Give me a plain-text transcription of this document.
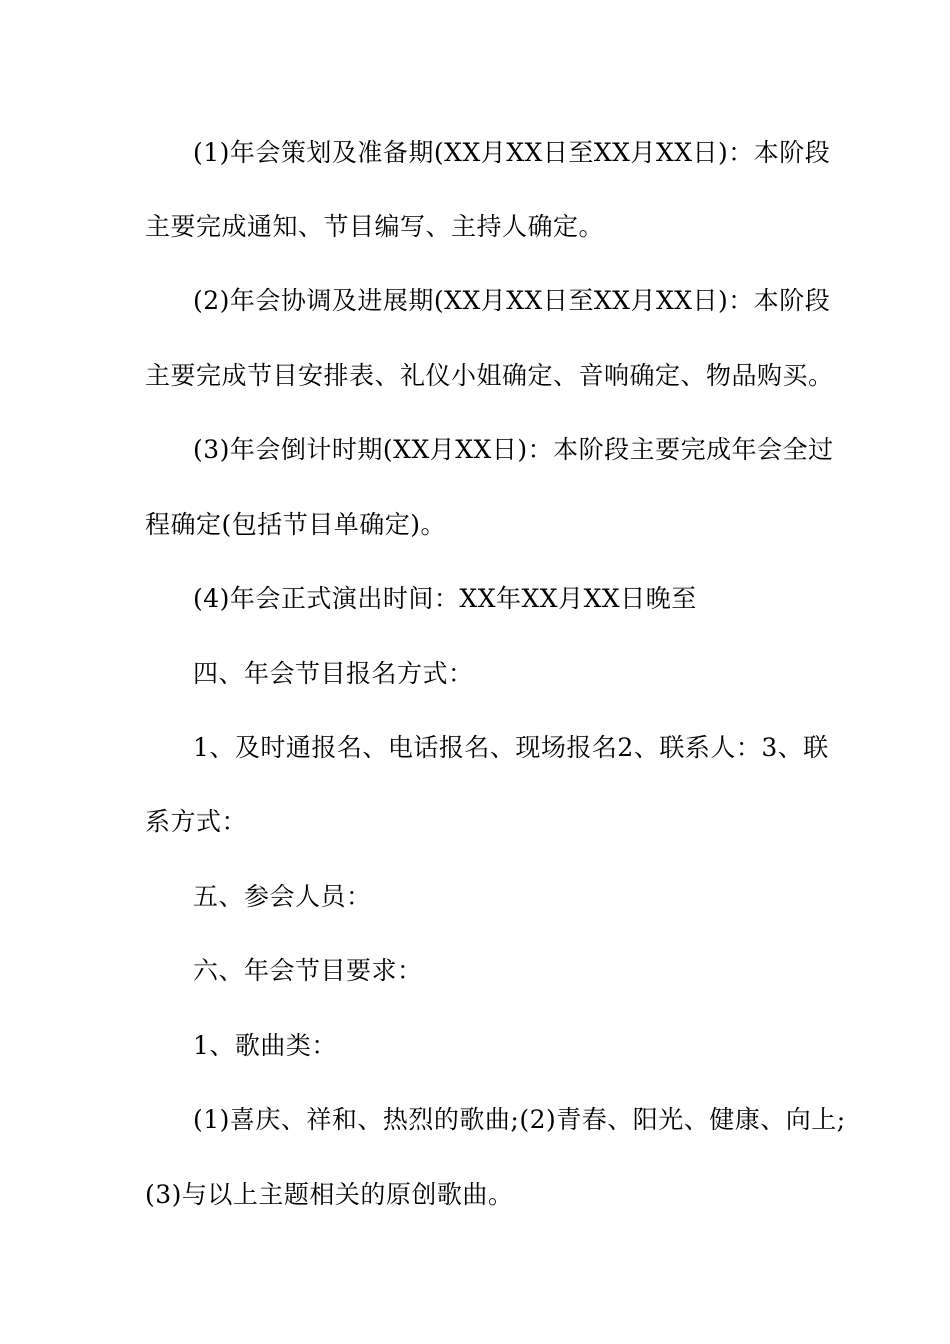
(1)年会策划及准备期(XX月XX日至XX月XX日)：本阶段
主要完成通知、节目编写、主持人确定。
(2)年会协调及进展期(XX月XX日至XX月XX日)：本阶段
主要完成节目安排表、礼仪小姐确定、音响确定、物品购买。
(3)年会倒计时期(XX月XX日)：本阶段主要完成年会全过
程确定(包括节目单确定)。
(4)年会正式演出时间：XX年XX月XX日晚至
四、年会节目报名方式：
1、及时通报名、电话报名、现场报名2、联系人：3、联
系方式：
五、参会人员：
六、年会节目要求：
1、歌曲类：
(1)喜庆、祥和、热烈的歌曲;(2)青春、阳光、健康、向上;
(3)与以上主题相关的原创歌曲。
